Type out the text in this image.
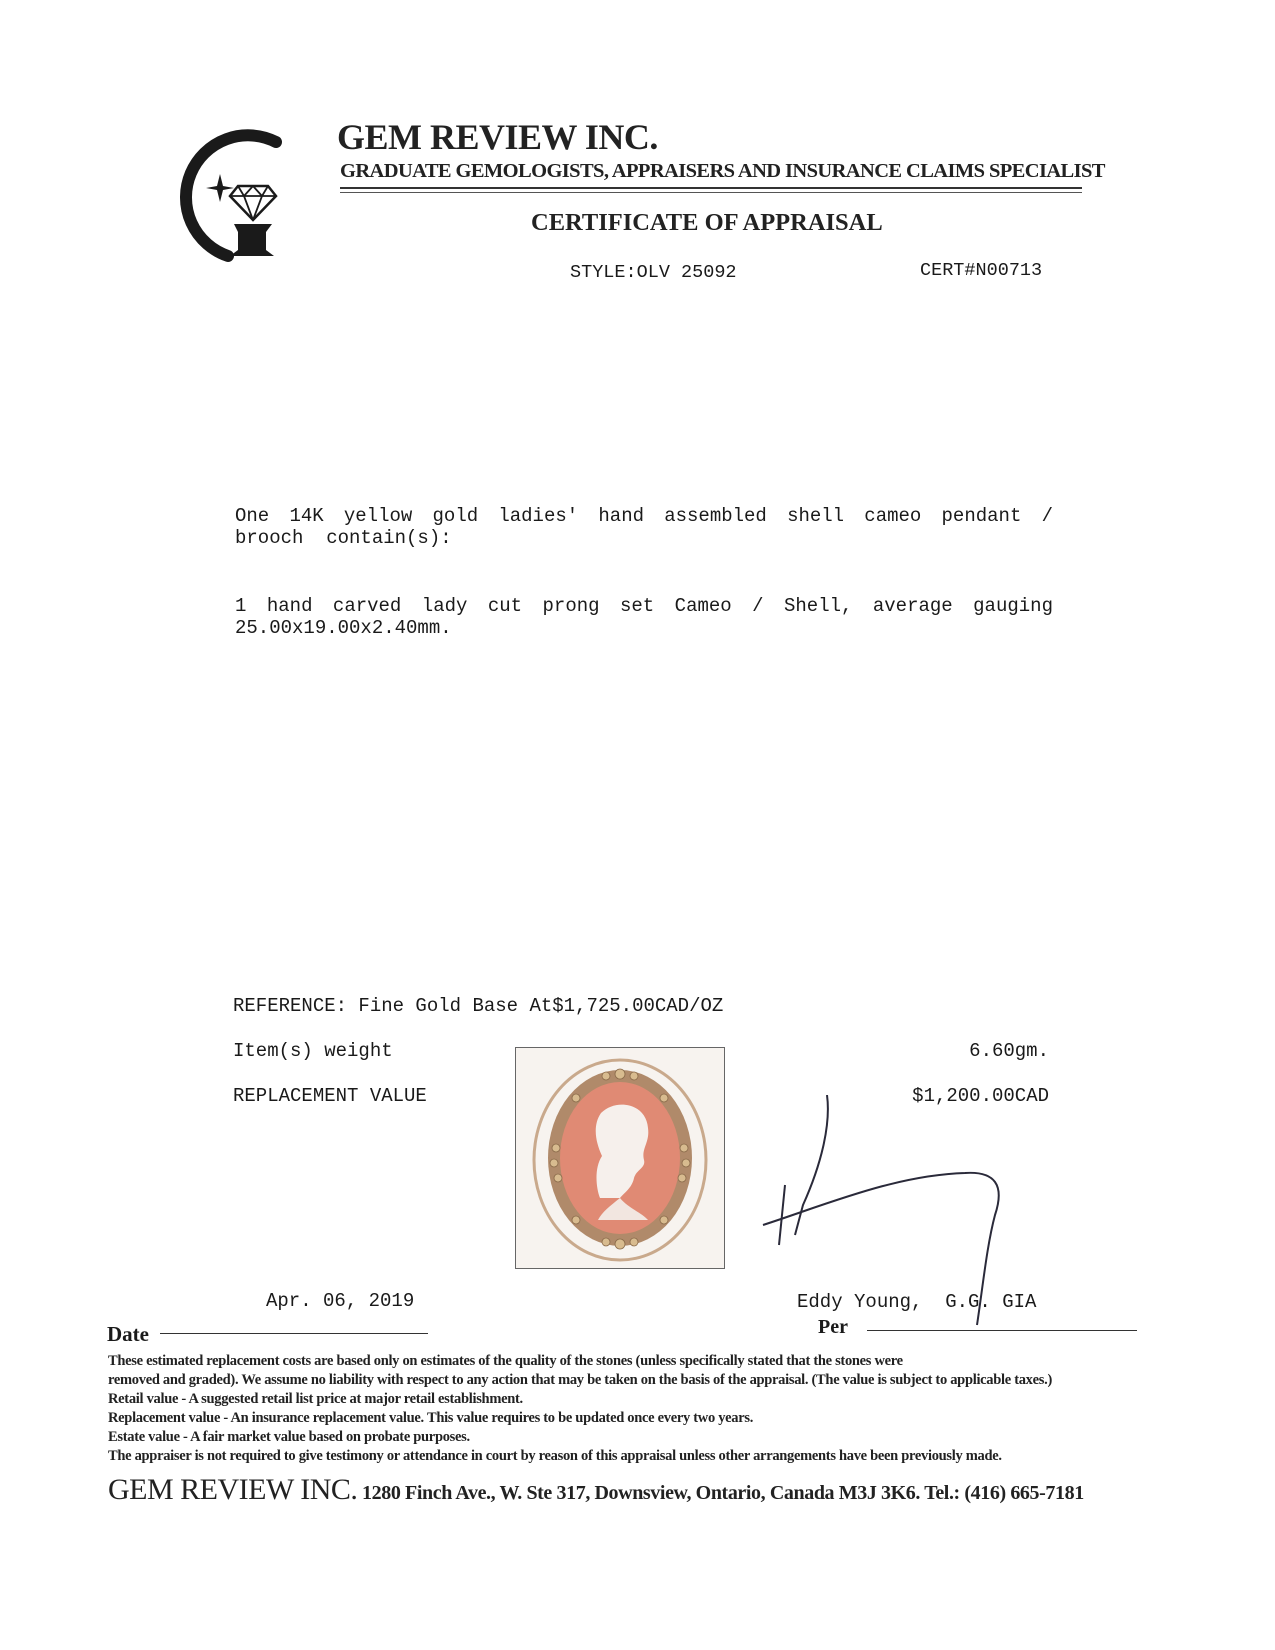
GEM REVIEW INC.
GRADUATE GEMOLOGISTS, APPRAISERS AND INSURANCE CLAIMS SPECIALIST
CERTIFICATE OF APPRAISAL
STYLE:OLV 25092	CERT#N00713
One 14K yellow gold ladies' hand assembled shell cameo pendant /
brooch  contain(s):
1 hand carved lady cut prong set Cameo / Shell, average gauging
25.00x19.00x2.40mm.
REFERENCE: Fine Gold Base At$1,725.00CAD/OZ
Item(s) weight	6.60gm.
REPLACEMENT VALUE	$1,200.00CAD
Apr. 06, 2019
Date
Eddy Young,  G.G. GIA
Per
These estimated replacement costs are based only on estimates of the quality of the stones (unless specifically stated that the stones were
removed and graded). We assume no liability with respect to any action that may be taken on the basis of the appraisal. (The value is subject to applicable taxes.)
Retail value - A suggested retail list price at major retail establishment.
Replacement value - An insurance replacement value. This value requires to be updated once every two years.
Estate value - A fair market value based on probate purposes.
The appraiser is not required to give testimony or attendance in court by reason of this appraisal unless other arrangements have been previously made.
GEM REVIEW INC. 1280 Finch Ave., W. Ste 317, Downsview, Ontario, Canada M3J 3K6. Tel.: (416) 665-7181
